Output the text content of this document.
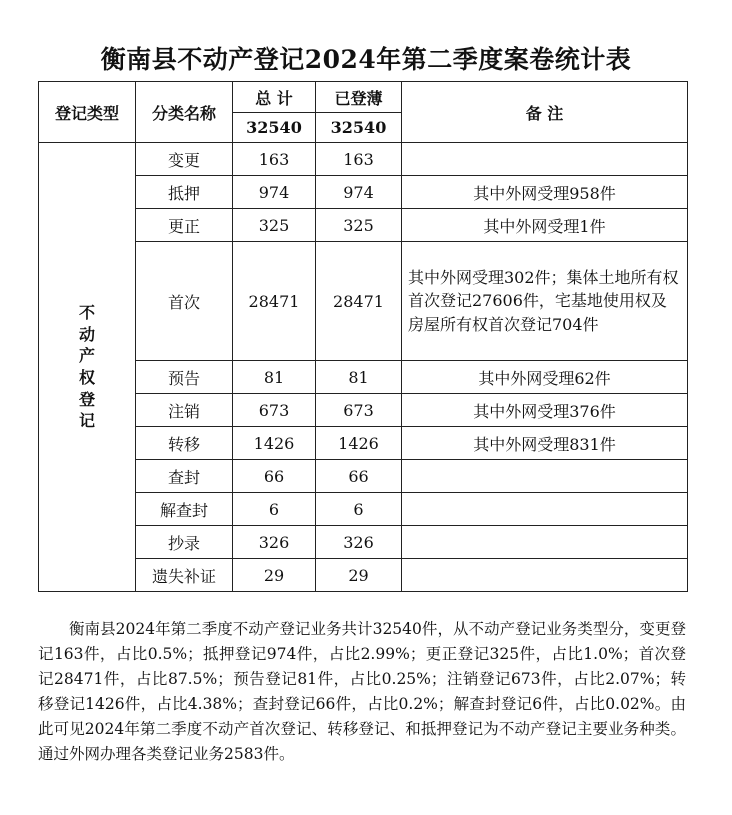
衡南县不动产登记2024年第二季度案卷统计表
登记类型	分类名称	总 计	已登薄	备 注
		32540	32540	
不动产权登记	变更	163	163	
	抵押	974	974	其中外网受理958件
	更正	325	325	其中外网受理1件
	首次	28471	28471	其中外网受理302件；集体土地所有权首次登记27606件，宅基地使用权及房屋所有权首次登记704件
	预告	81	81	其中外网受理62件
	注销	673	673	其中外网受理376件
	转移	1426	1426	其中外网受理831件
	查封	66	66	
	解查封	6	6	
	抄录	326	326	
	遗失补证	29	29	
衡南县2024年第二季度不动产登记业务共计32540件，从不动产登记业务类型分，变更登记163件，占比0.5%；抵押登记974件，占比2.99%；更正登记325件，占比1.0%；首次登记28471件，占比87.5%；预告登记81件，占比0.25%；注销登记673件，占比2.07%；转移登记1426件，占比4.38%；查封登记66件，占比0.2%；解查封登记6件，占比0.02%。由此可见2024年第二季度不动产首次登记、转移登记、和抵押登记为不动产登记主要业务种类。通过外网办理各类登记业务2583件。
